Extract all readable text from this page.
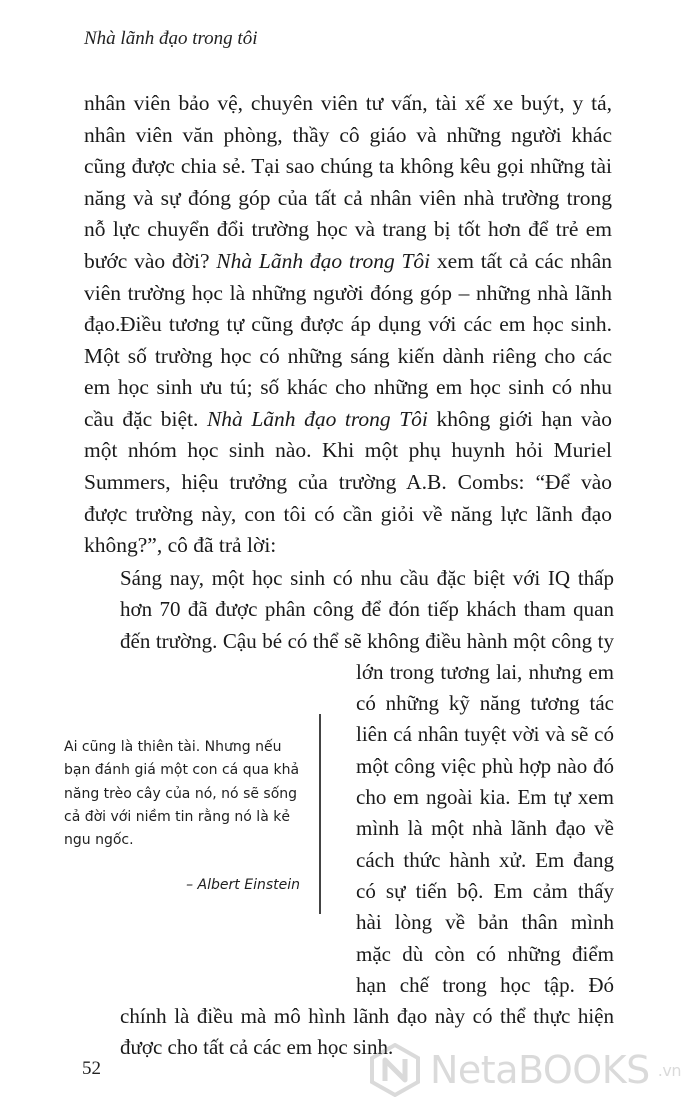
Nhà lãnh đạo trong tôi

nhân viên bảo vệ, chuyên viên tư vấn, tài xế xe buýt, y tá, nhân viên văn phòng, thầy cô giáo và những người khác cũng được chia sẻ. Tại sao chúng ta không kêu gọi những tài năng và sự đóng góp của tất cả nhân viên nhà trường trong nỗ lực chuyển đổi trường học và trang bị tốt hơn để trẻ em bước vào đời? Nhà Lãnh đạo trong Tôi xem tất cả các nhân viên trường học là những người đóng góp – những nhà lãnh đạo. Điều tương tự cũng được áp dụng với các em học sinh. Một số trường học có những sáng kiến dành riêng cho các em học sinh ưu tú; số khác cho những em học sinh có nhu cầu đặc biệt. Nhà Lãnh đạo trong Tôi không giới hạn vào một nhóm học sinh nào. Khi một phụ huynh hỏi Muriel Summers, hiệu trưởng của trường A.B. Combs: “Để vào được trường này, con tôi có cần giỏi về năng lực lãnh đạo không?”, cô đã trả lời:

Sáng nay, một học sinh có nhu cầu đặc biệt với IQ thấp hơn 70 đã được phân công để đón tiếp khách tham quan đến trường. Cậu bé có thể sẽ không điều hành một công ty lớn trong tương lai, nhưng em có những kỹ năng tương tác liên cá nhân tuyệt vời và sẽ có một công việc phù hợp nào đó cho em ngoài kia. Em tự xem mình là một nhà lãnh đạo về cách thức hành xử. Em đang có sự tiến bộ. Em cảm thấy hài lòng về bản thân mình mặc dù còn có những điểm hạn chế trong học tập. Đó chính là điều mà mô hình lãnh đạo này có thể thực hiện được cho tất cả các em học sinh.

Ai cũng là thiên tài. Nhưng nếu bạn đánh giá một con cá qua khả năng trèo cây của nó, nó sẽ sống cả đời với niềm tin rằng nó là kẻ ngu ngốc.
– Albert Einstein
52	NetaBOOKS .vn
